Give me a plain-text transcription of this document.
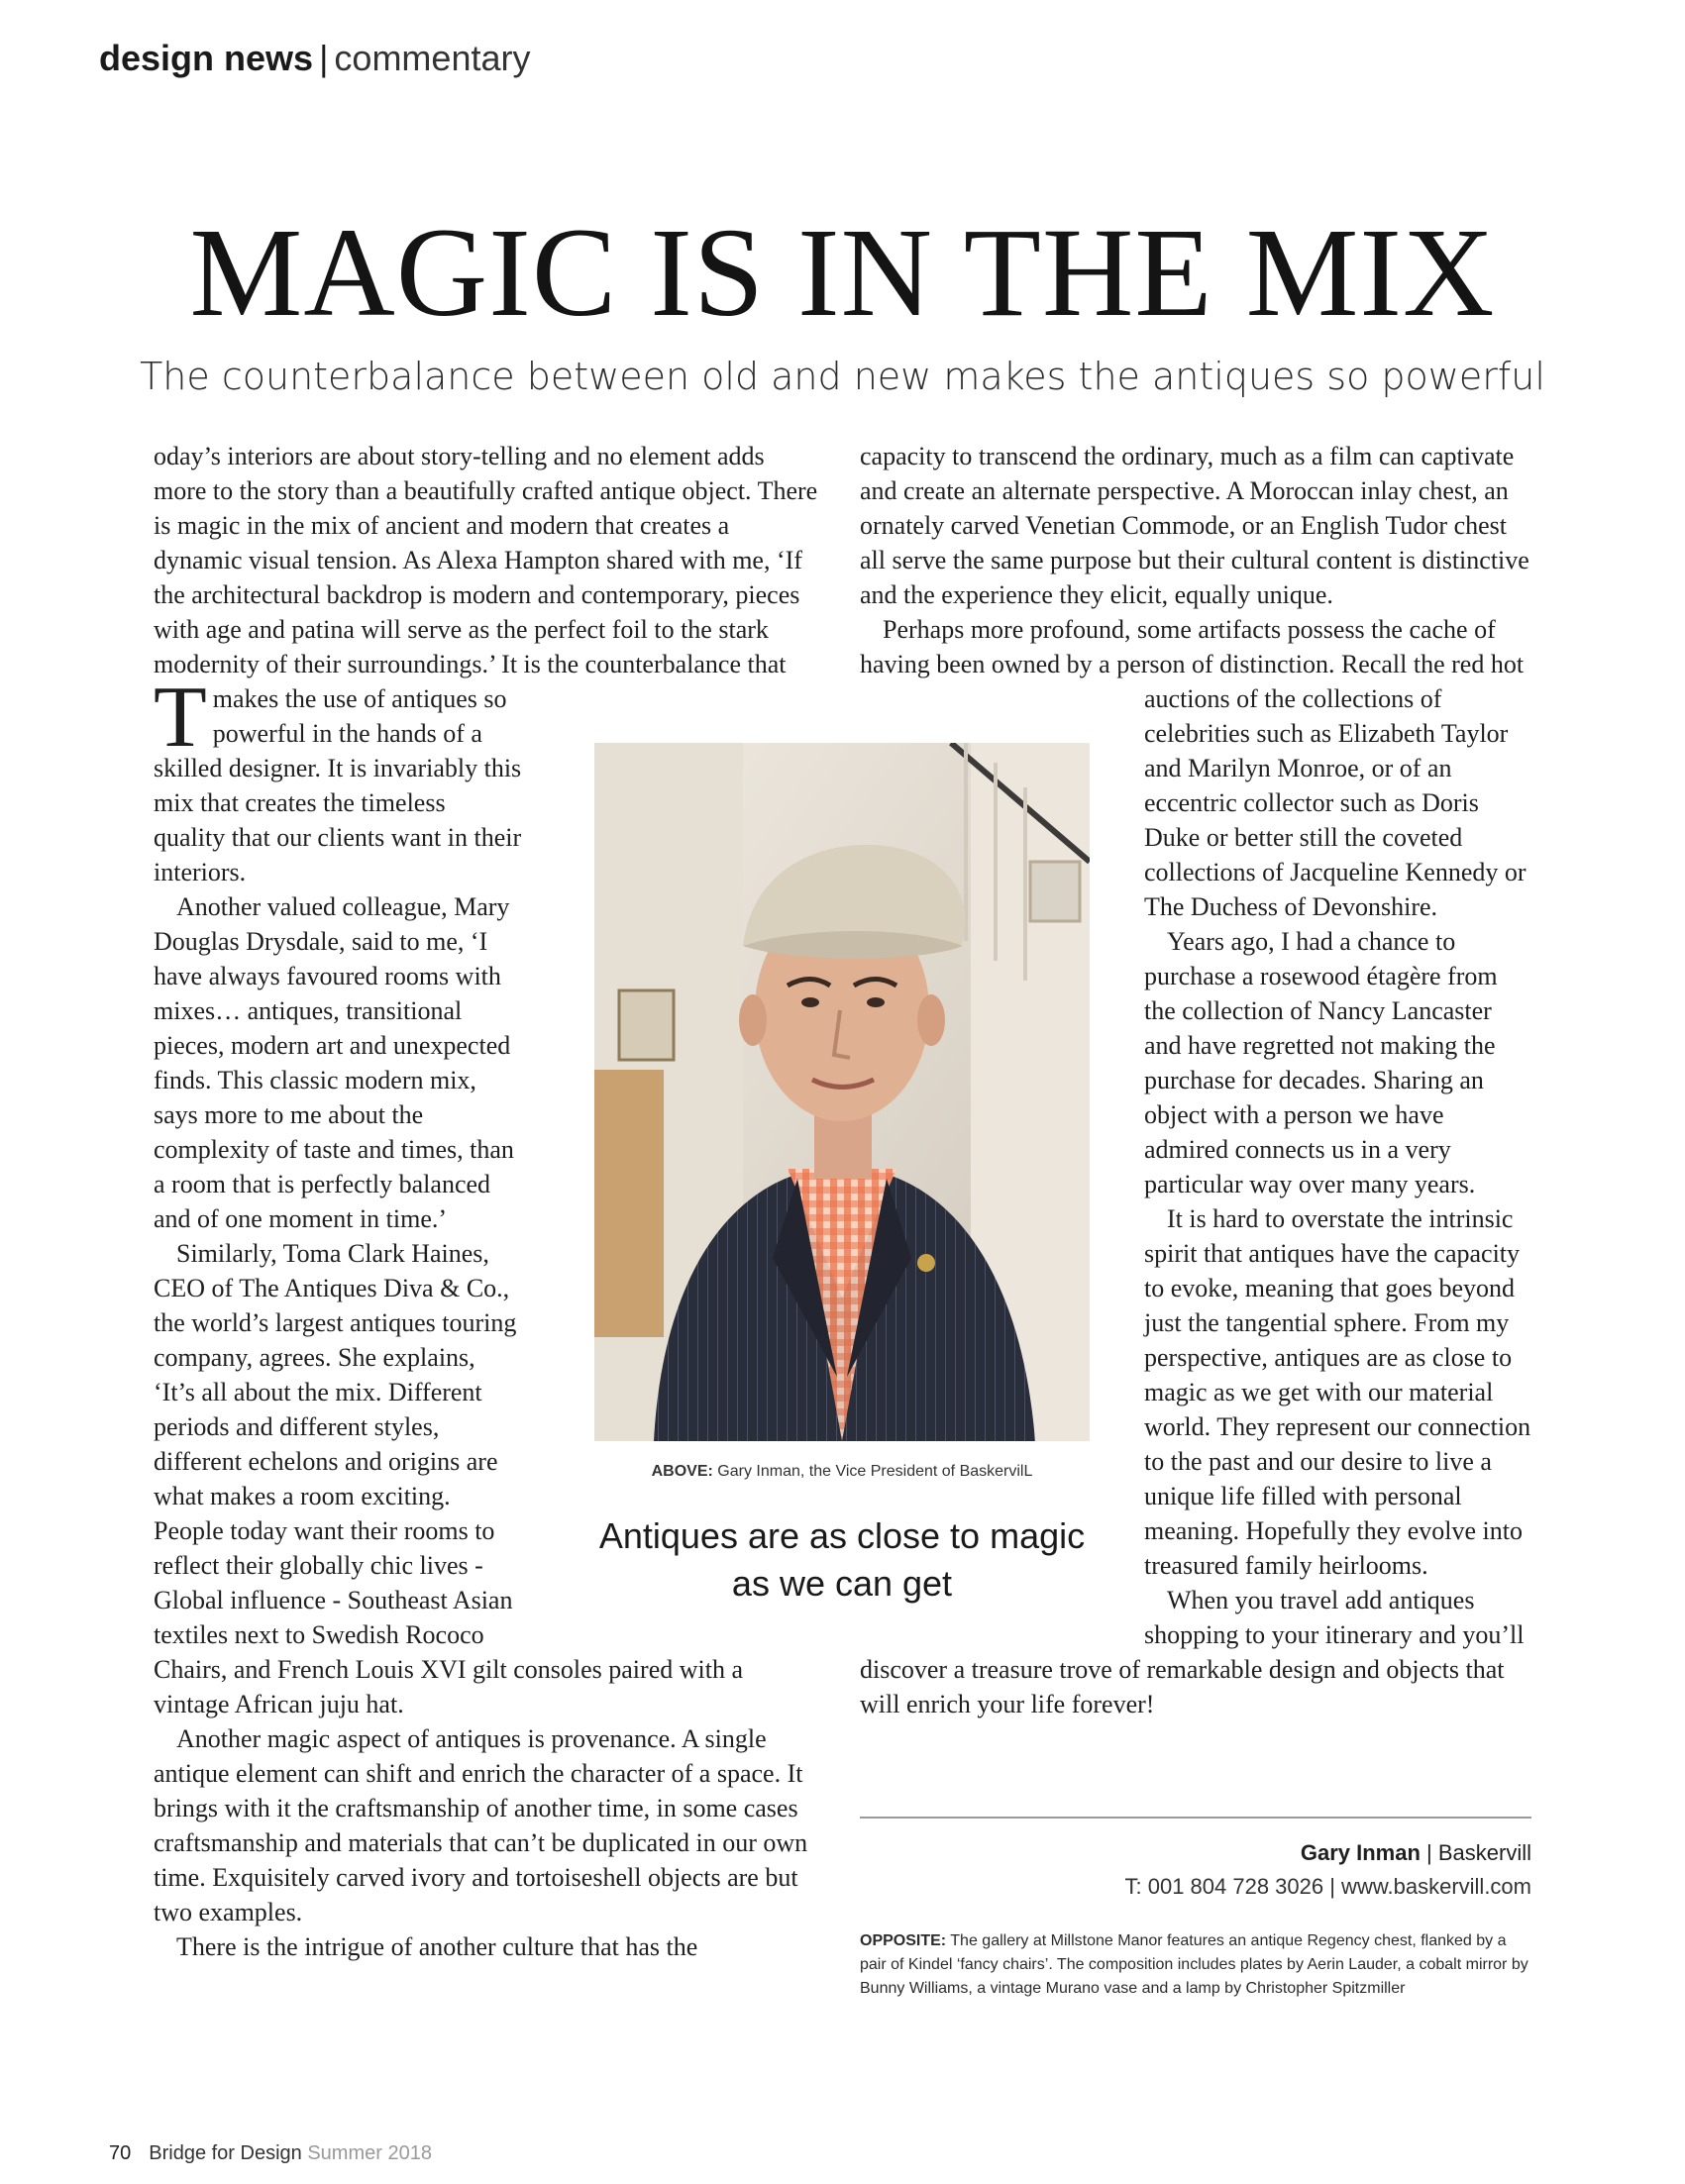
design news | commentary
MAGIC IS IN THE MIX
The counterbalance between old and new makes the antiques so powerful

T
oday’s interiors are about story-telling and no element adds more to the story than a beautifully crafted antique object. There is magic in the mix of ancient and modern that creates a dynamic visual tension. As Alexa Hampton shared with me, ‘If the architectural backdrop is modern and contemporary, pieces with age and patina will serve as the perfect foil to the stark modernity of their surroundings.’ It is the counterbalance that makes the use of antiques so powerful in the hands of a skilled designer. It is invariably this mix that creates the timeless quality that our clients want in their interiors.

Another valued colleague, Mary Douglas Drysdale, said to me, ‘I have always favoured rooms with mixes… antiques, transitional pieces, modern art and unexpected finds. This classic modern mix, says more to me about the complexity of taste and times, than a room that is perfectly balanced and of one moment in time.’

Similarly, Toma Clark Haines, CEO of The Antiques Diva & Co., the world’s largest antiques touring company, agrees. She explains, ‘It’s all about the mix. Different periods and different styles, different echelons and origins are what makes a room exciting. People today want their rooms to reflect their globally chic lives - Global influence - Southeast Asian textiles next to Swedish Rococo Chairs, and French Louis XVI gilt consoles paired with a vintage African juju hat.

Another magic aspect of antiques is provenance. A single antique element can shift and enrich the character of a space. It brings with it the craftsmanship of another time, in some cases craftsmanship and materials that can’t be duplicated in our own time. Exquisitely carved ivory and tortoiseshell objects are but two examples.

There is the intrigue of another culture that has the

capacity to transcend the ordinary, much as a film can captivate and create an alternate perspective. A Moroccan inlay chest, an ornately carved Venetian Commode, or an English Tudor chest all serve the same purpose but their cultural content is distinctive and the experience they elicit, equally unique.

Perhaps more profound, some artifacts possess the cache of having been owned by a person of distinction. Recall the red hot auctions of the collections of celebrities such as Elizabeth Taylor and Marilyn Monroe, or of an eccentric collector such as Doris Duke or better still the coveted collections of Jacqueline Kennedy or The Duchess of Devonshire.

Years ago, I had a chance to purchase a rosewood étagère from the collection of Nancy Lancaster and have regretted not making the purchase for decades. Sharing an object with a person we have admired connects us in a very particular way over many years.

It is hard to overstate the intrinsic spirit that antiques have the capacity to evoke, meaning that goes beyond just the tangential sphere. From my perspective, antiques are as close to magic as we get with our material world. They represent our connection to the past and our desire to live a unique life filled with personal meaning. Hopefully they evolve into treasured family heirlooms.

When you travel add antiques shopping to your itinerary and you’ll discover a treasure trove of remarkable design and objects that will enrich your life forever!

ABOVE: Gary Inman, the Vice President of BaskervilL
Antiques are as close to magic as we can get
Gary Inman | Baskervill
T: 001 804 728 3026 | www.baskervill.com
OPPOSITE: The gallery at Millstone Manor features an antique Regency chest, flanked by a pair of Kindel ‘fancy chairs’. The composition includes plates by Aerin Lauder, a cobalt mirror by Bunny Williams, a vintage Murano vase and a lamp by Christopher Spitzmiller
70 Bridge for Design Summer 2018
